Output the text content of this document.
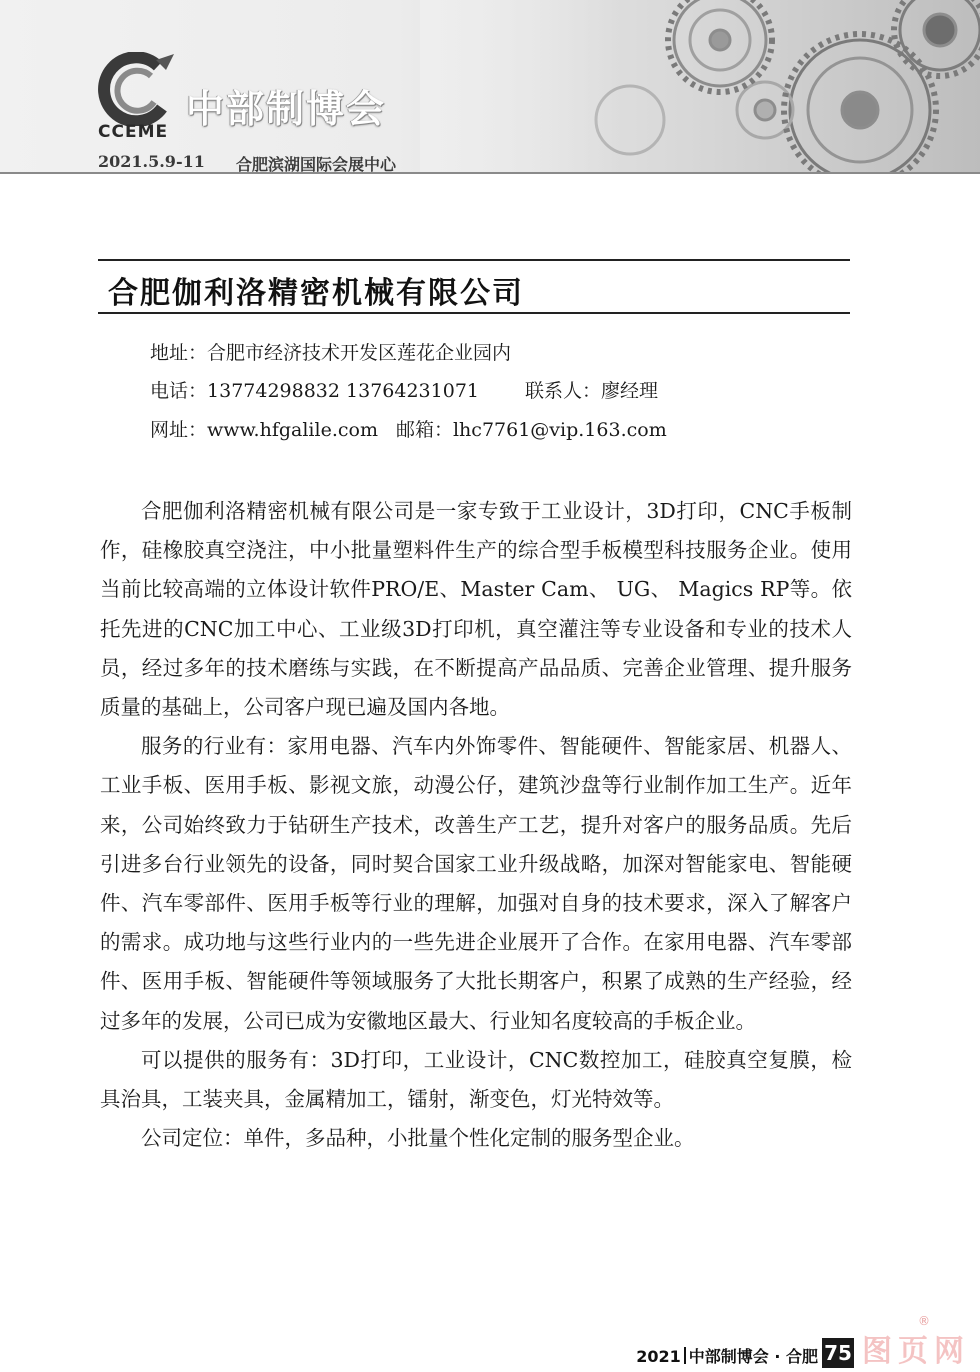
CCEME
中部制博会
2021.5.9-11 合肥滨湖国际会展中心
合肥伽利洛精密机械有限公司
地址：合肥市经济技术开发区莲花企业园内
电话：13774298832 13764231071 联系人：廖经理
网址：www.hfgalile.com 邮箱：lhc7761@vip.163.com

合肥伽利洛精密机械有限公司是一家专致于工业设计，3D打印，CNC手板制作，硅橡胶真空浇注，中小批量塑料件生产的综合型手板模型科技服务企业。使用当前比较高端的立体设计软件PRO/E、Master Cam、 UG、 Magics RP等。依托先进的CNC加工中心、工业级3D打印机，真空灌注等专业设备和专业的技术人员，经过多年的技术磨练与实践，在不断提高产品品质、完善企业管理、提升服务质量的基础上，公司客户现已遍及国内各地。

服务的行业有：家用电器、汽车内外饰零件、智能硬件、智能家居、机器人、工业手板、医用手板、影视文旅，动漫公仔，建筑沙盘等行业制作加工生产。近年来，公司始终致力于钻研生产技术，改善生产工艺，提升对客户的服务品质。先后引进多台行业领先的设备，同时契合国家工业升级战略，加深对智能家电、智能硬件、汽车零部件、医用手板等行业的理解，加强对自身的技术要求，深入了解客户的需求。成功地与这些行业内的一些先进企业展开了合作。在家用电器、汽车零部件、医用手板、智能硬件等领域服务了大批长期客户，积累了成熟的生产经验，经过多年的发展，公司已成为安徽地区最大、行业知名度较高的手板企业。

可以提供的服务有：3D打印，工业设计，CNC数控加工，硅胶真空复膜，检具治具，工装夹具，金属精加工，镭射，渐变色，灯光特效等。

公司定位：单件，多品种，小批量个性化定制的服务型企业。

2021 中部制博会 · 合肥 75 图页网
®
